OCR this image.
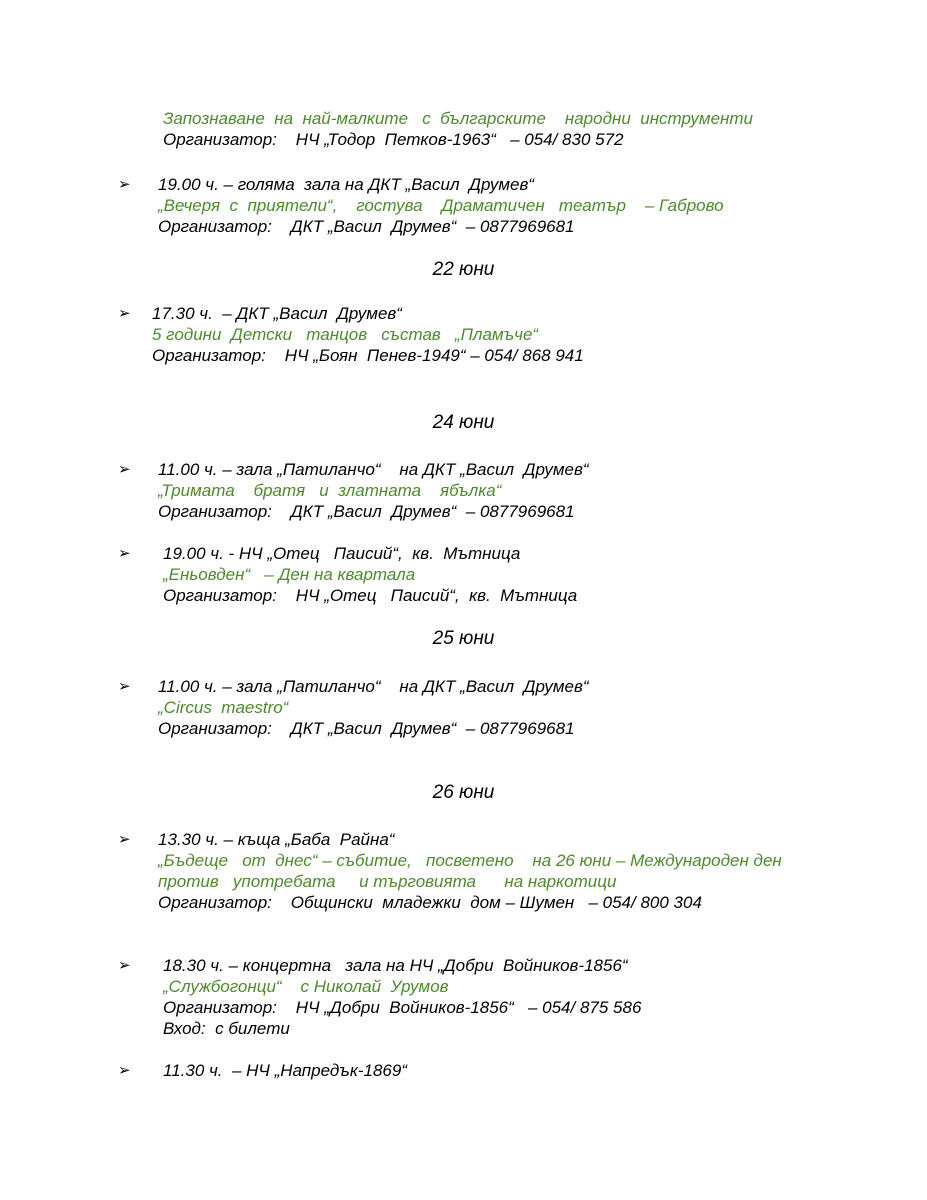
Запознаване  на  най-малките   с  българските    народни  инструменти
Организатор:    НЧ „Тодор  Петков-1963“   – 054/ 830 572
➢ 19.00 ч. – голяма  зала на ДКТ „Васил  Друмев“
„Вечеря  с  приятели“,    гостува    Драматичен   театър    – Габрово
Организатор:    ДКТ „Васил  Друмев“  – 0877969681
22 юни
➢ 17.30 ч.  – ДКТ „Васил  Друмев“
5 години  Детски   танцов   състав   „Пламъче“
Организатор:    НЧ „Боян  Пенев-1949“ – 054/ 868 941
24 юни
➢ 11.00 ч. – зала „Патиланчо“    на ДКТ „Васил  Друмев“
„Тримата    братя   и  златната    ябълка“
Организатор:    ДКТ „Васил  Друмев“  – 0877969681
➢ 19.00 ч. - НЧ „Отец   Паисий“,  кв.  Мътница
„Еньовден“   – Ден на квартала
Организатор:    НЧ „Отец   Паисий“,  кв.  Мътница
25 юни
➢ 11.00 ч. – зала „Патиланчо“    на ДКТ „Васил  Друмев“
„Circus  maestro“
Организатор:    ДКТ „Васил  Друмев“  – 0877969681
26 юни
➢ 13.30 ч. – къща „Баба  Райна“
„Бъдеще   от  днес“ – събитие,   посветено    на 26 юни – Международен ден
против   употребата     и търговията      на наркотици
Организатор:    Общински  младежки  дом – Шумен   – 054/ 800 304
➢ 18.30 ч. – концертна   зала на НЧ „Добри  Войников-1856“
„Службогонци“    с Николай  Урумов
Организатор:    НЧ „Добри  Войников-1856“   – 054/ 875 586
Вход:  с билети
➢ 11.30 ч.  – НЧ „Напредък-1869“
